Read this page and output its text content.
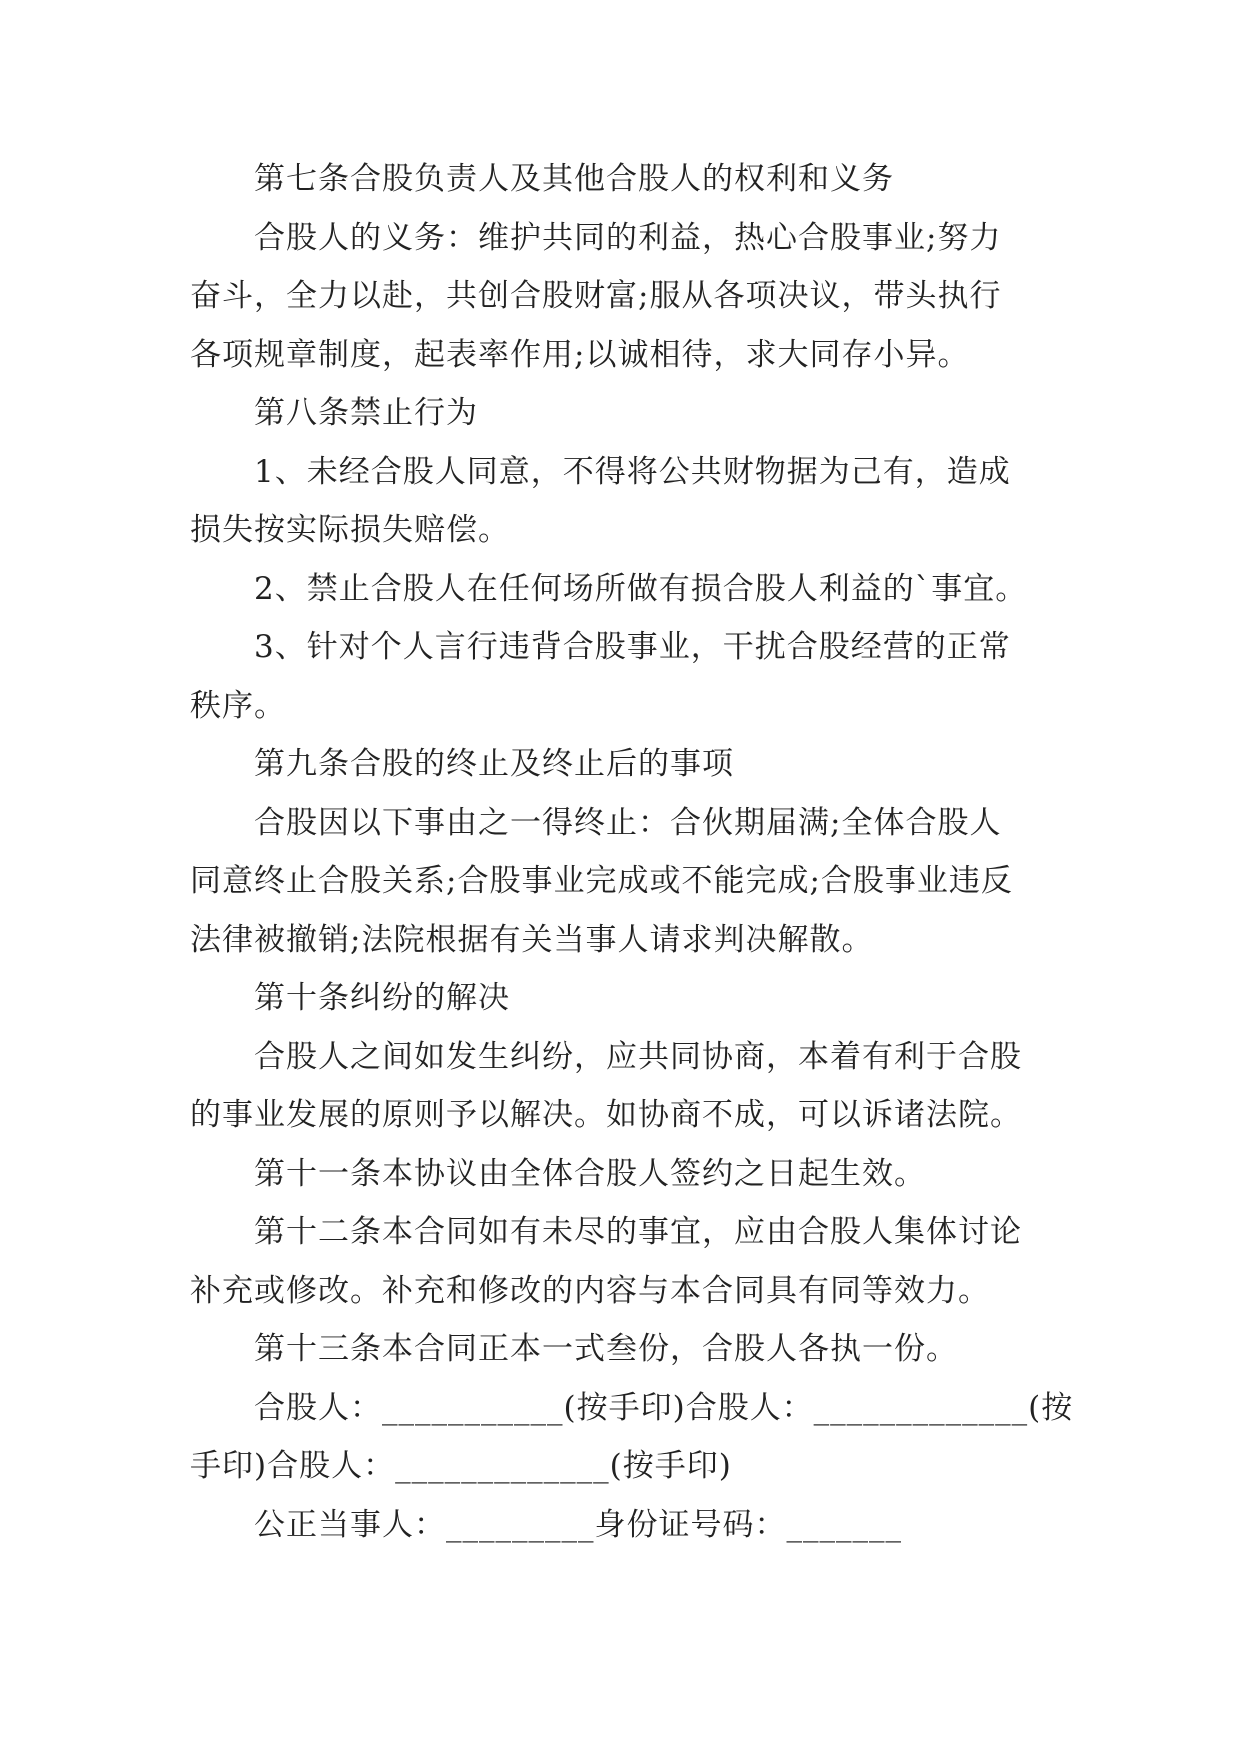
第七条合股负责人及其他合股人的权利和义务

合股人的义务：维护共同的利益，热心合股事业;努力

奋斗，全力以赴，共创合股财富;服从各项决议，带头执行

各项规章制度，起表率作用;以诚相待，求大同存小异。

第八条禁止行为

1、未经合股人同意，不得将公共财物据为己有，造成

损失按实际损失赔偿。

2、禁止合股人在任何场所做有损合股人利益的`事宜。

3、针对个人言行违背合股事业，干扰合股经营的正常

秩序。

第九条合股的终止及终止后的事项

合股因以下事由之一得终止：合伙期届满;全体合股人

同意终止合股关系;合股事业完成或不能完成;合股事业违反

法律被撤销;法院根据有关当事人请求判决解散。

第十条纠纷的解决

合股人之间如发生纠纷，应共同协商，本着有利于合股

的事业发展的原则予以解决。如协商不成，可以诉诸法院。

第十一条本协议由全体合股人签约之日起生效。

第十二条本合同如有未尽的事宜，应由合股人集体讨论

补充或修改。补充和修改的内容与本合同具有同等效力。

第十三条本合同正本一式叁份，合股人各执一份。

合股人：___________(按手印)合股人：_____________(按

手印)合股人：_____________(按手印)

公正当事人：_________身份证号码：_______
